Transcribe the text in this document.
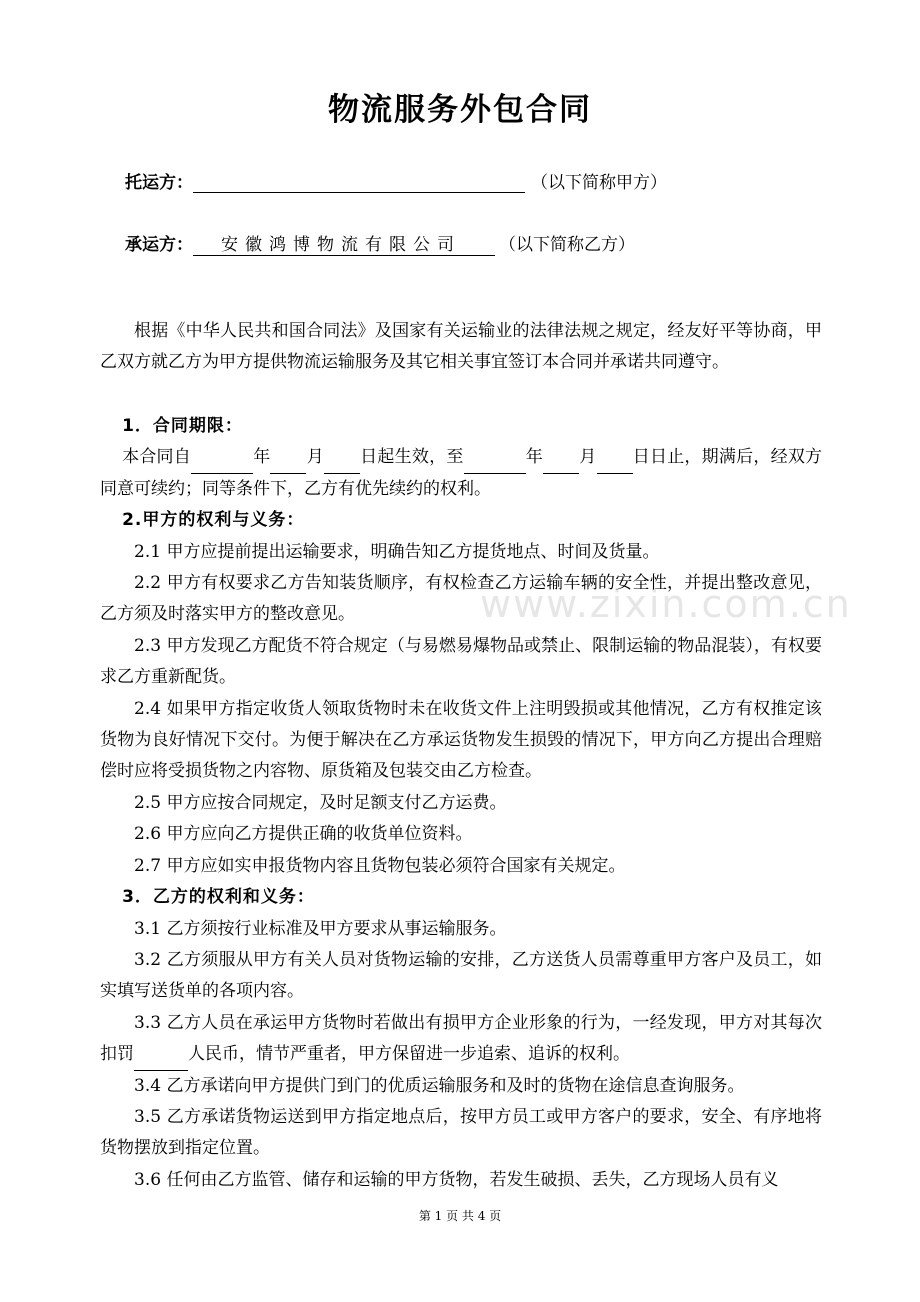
www.zixin.com.cn
物流服务外包合同
托运方：	（以下简称甲方）
承运方： 安徽鸿博物流有限公司 （以下简称乙方）

根据《中华人民共和国合同法》及国家有关运输业的法律法规之规定，经友好平等协商，甲乙双方就乙方为甲方提供物流运输服务及其它相关事宜签订本合同并承诺共同遵守。

1．合同期限：

本合同自	年 月 日起生效，至	年 月 日日止，期满后，经双方同意可续约；同等条件下，乙方有优先续约的权利。

2.甲方的权利与义务：

2.1 甲方应提前提出运输要求，明确告知乙方提货地点、时间及货量。

2.2 甲方有权要求乙方告知装货顺序，有权检查乙方运输车辆的安全性，并提出整改意见，乙方须及时落实甲方的整改意见。

2.3 甲方发现乙方配货不符合规定（与易燃易爆物品或禁止、限制运输的物品混装），有权要求乙方重新配货。

2.4 如果甲方指定收货人领取货物时未在收货文件上注明毁损或其他情况，乙方有权推定该货物为良好情况下交付。为便于解决在乙方承运货物发生损毁的情况下，甲方向乙方提出合理赔偿时应将受损货物之内容物、原货箱及包装交由乙方检查。

2.5 甲方应按合同规定，及时足额支付乙方运费。

2.6 甲方应向乙方提供正确的收货单位资料。

2.7 甲方应如实申报货物内容且货物包装必须符合国家有关规定。

3．乙方的权利和义务：

3.1 乙方须按行业标准及甲方要求从事运输服务。

3.2 乙方须服从甲方有关人员对货物运输的安排，乙方送货人员需尊重甲方客户及员工，如实填写送货单的各项内容。

3.3 乙方人员在承运甲方货物时若做出有损甲方企业形象的行为，一经发现，甲方对其每次扣罚	人民币，情节严重者，甲方保留进一步追索、追诉的权利。

3.4 乙方承诺向甲方提供门到门的优质运输服务和及时的货物在途信息查询服务。

3.5 乙方承诺货物运送到甲方指定地点后，按甲方员工或甲方客户的要求，安全、有序地将货物摆放到指定位置。

3.6 任何由乙方监管、储存和运输的甲方货物，若发生破损、丢失，乙方现场人员有义

第 1 页 共 4 页
